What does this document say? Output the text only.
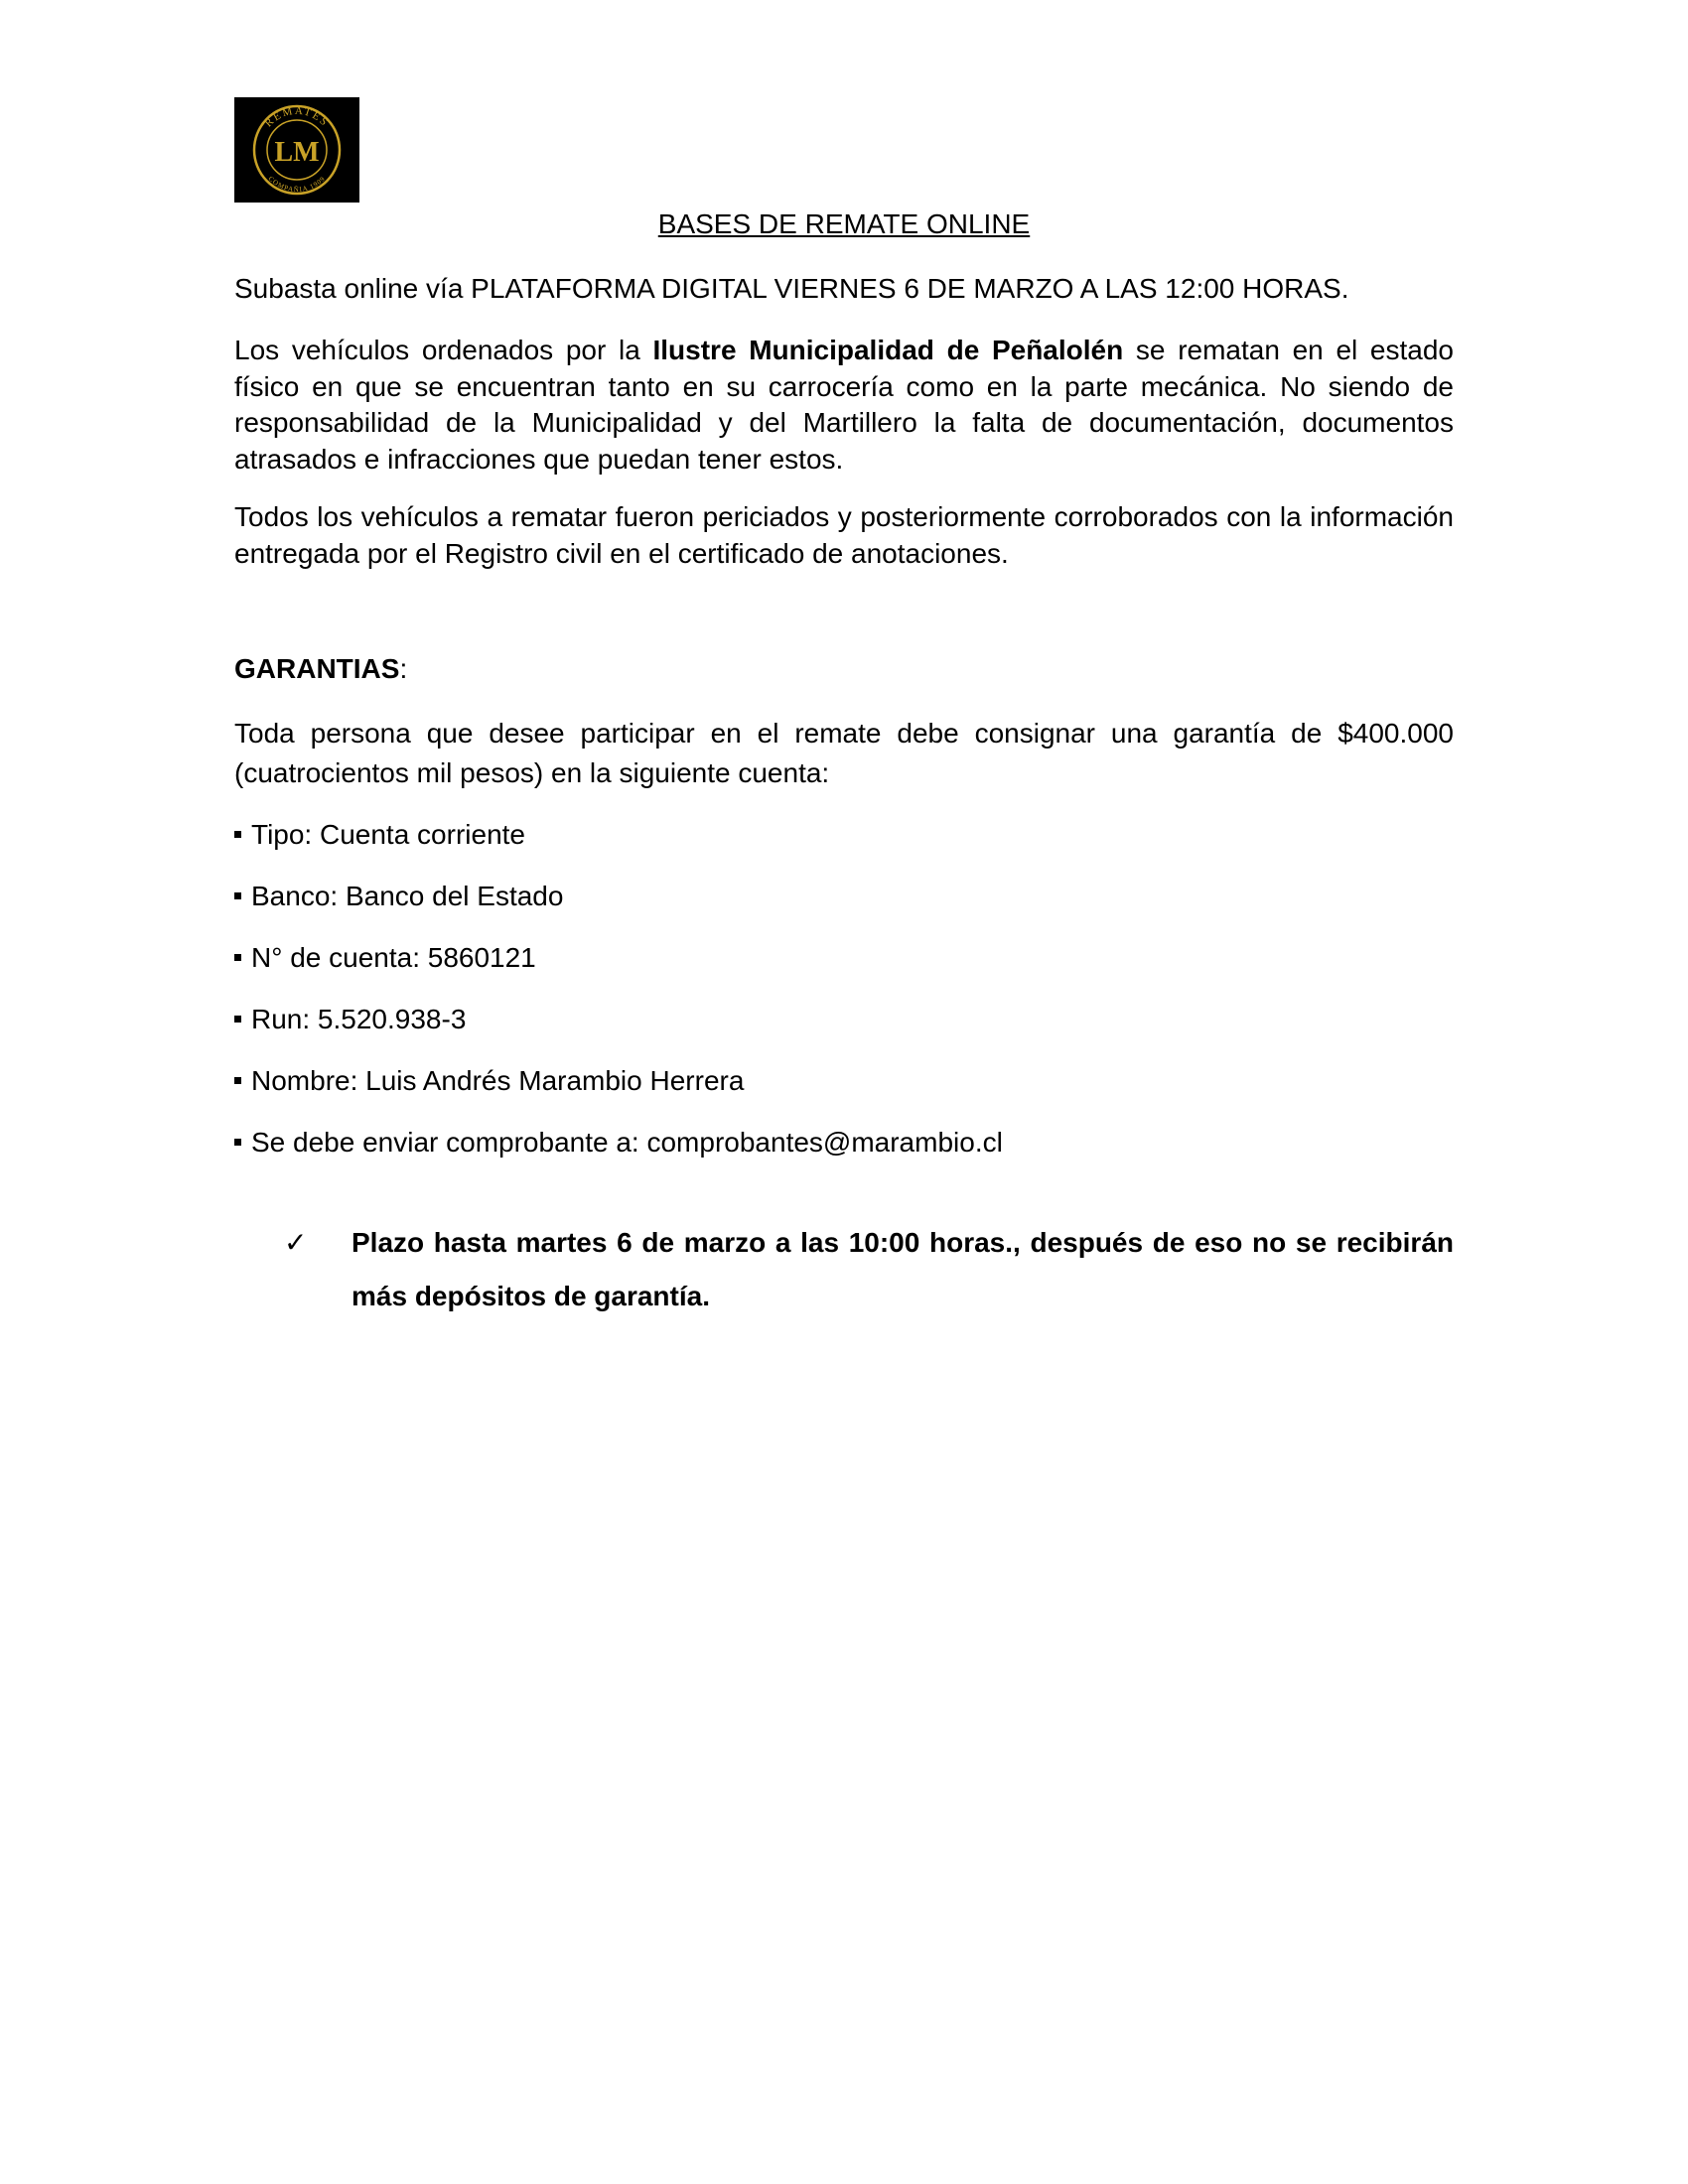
LM
REMATES
COMPAÑIA 1909

BASES DE REMATE ONLINE

Subasta online vía PLATAFORMA DIGITAL VIERNES 6 DE MARZO A LAS 12:00 HORAS.

Los vehículos ordenados por la Ilustre Municipalidad de Peñalolén se rematan en el estado físico en que se encuentran tanto en su carrocería como en la parte mecánica. No siendo de responsabilidad de la Municipalidad y del Martillero la falta de documentación, documentos atrasados e infracciones que puedan tener estos.

Todos los vehículos a rematar fueron periciados y posteriormente corroborados con la información entregada por el Registro civil en el certificado de anotaciones.

GARANTIAS:

Toda persona que desee participar en el remate debe consignar una garantía de $400.000 (cuatrocientos mil pesos) en la siguiente cuenta:

Tipo: Cuenta corriente
Banco: Banco del Estado
N° de cuenta: 5860121
Run: 5.520.938-3
Nombre: Luis Andrés Marambio Herrera
Se debe enviar comprobante a: comprobantes@marambio.cl
✓	Plazo hasta martes 6 de marzo a las 10:00 horas., después de eso no se recibirán más depósitos de garantía.
